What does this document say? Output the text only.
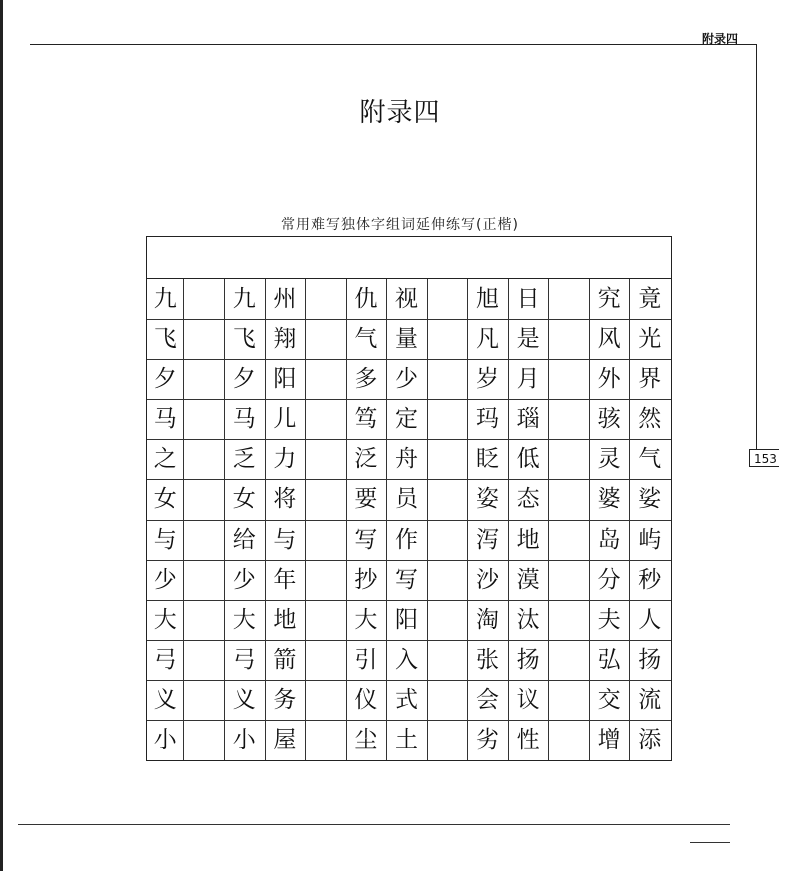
附录四
153
附录四
常用难写独体字组词延伸练写(正楷)
九	九 州	仇 视	旭 日	究 竟
飞	飞 翔	气 量	凡 是	风 光
夕	夕 阳	多 少	岁 月	外 界
马	马 儿	笃 定	玛 瑙	骇 然
之	乏 力	泛 舟	眨 低	灵 气
女	女 将	要 员	姿 态	婆 娑
与	给 与	写 作	泻 地	岛 屿
少	少 年	抄 写	沙 漠	分 秒
大	大 地	大 阳	淘 汰	夫 人
弓	弓 箭	引 入	张 扬	弘 扬
义	义 务	仪 式	会 议	交 流
小	小 屋	尘 土	劣 性	增 添
